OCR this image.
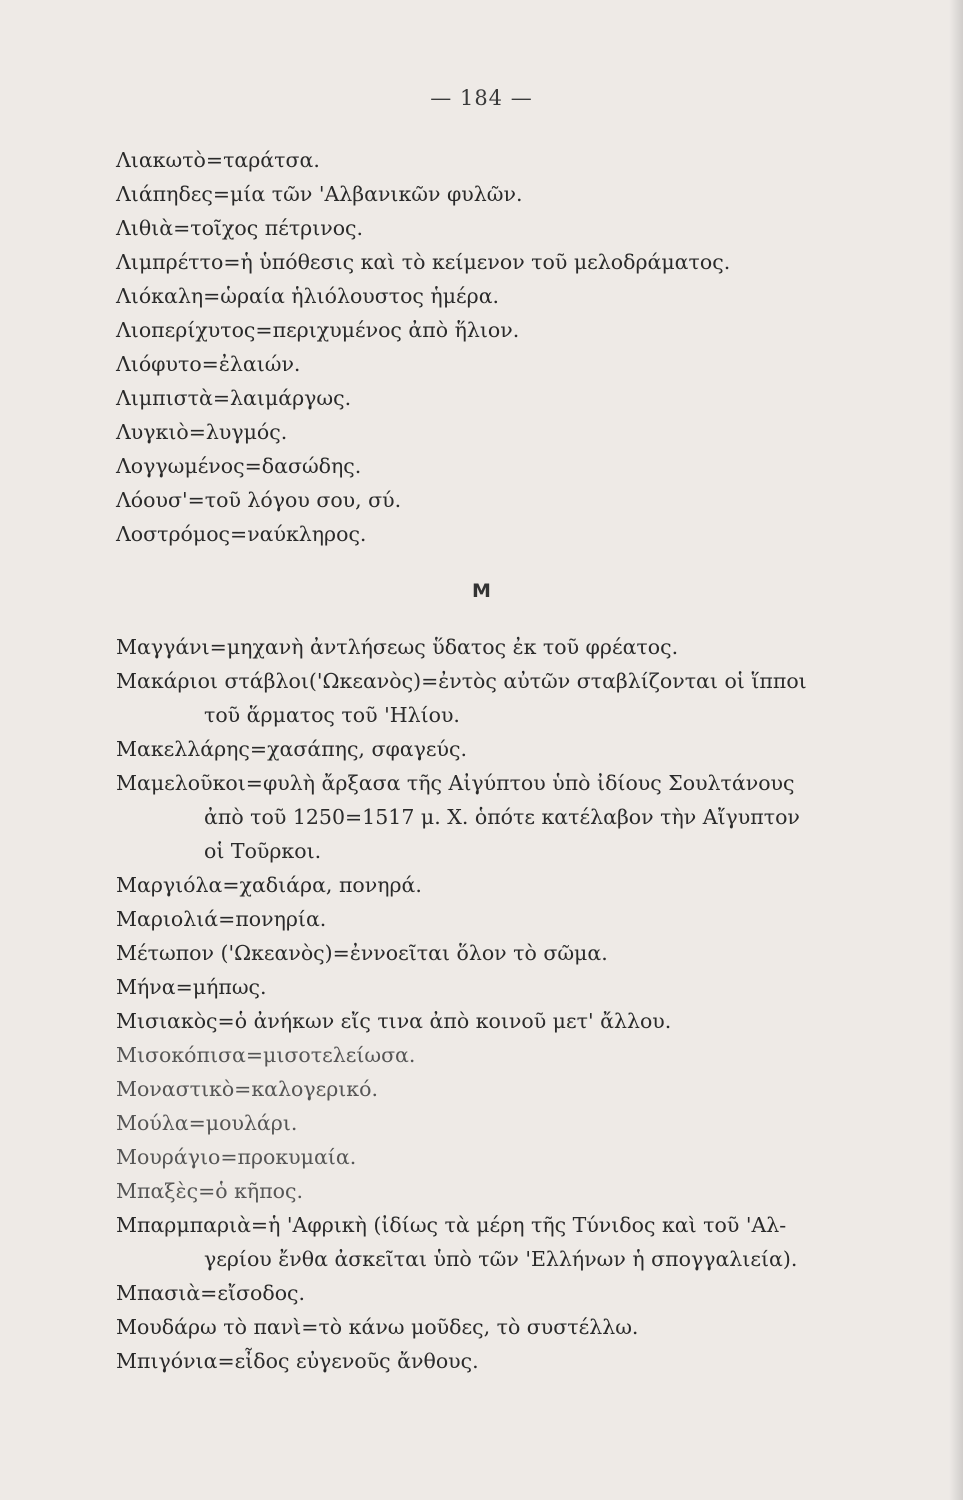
— 184 —
Λιακωτὸ=ταράτσα.
Λιάπηδες=μία τῶν 'Αλβανικῶν φυλῶν.
Λιθιὰ=τοῖχος πέτρινος.
Λιμπρέττο=ἡ ὑπόθεσις καὶ τὸ κείμενον τοῦ μελοδράματος.
Λιόκαλη=ὡραία ἡλιόλουστος ἡμέρα.
Λιοπερίχυτος=περιχυμένος ἀπὸ ἥλιον.
Λιόφυτο=ἐλαιών.
Λιμπιστὰ=λαιμάργως.
Λυγκιὸ=λυγμός.
Λογγωμένος=δασώδης.
Λόουσ'=τοῦ λόγου σου, σύ.
Λοστρόμος=ναύκληρος.
M
Μαγγάνι=μηχανὴ ἀντλήσεως ὕδατος ἐκ τοῦ φρέατος.
Μακάριοι στάβλοι('Ωκεανὸς)=ἐντὸς αὐτῶν σταβλίζονται οἱ ἵπποι
τοῦ ἅρματος τοῦ 'Ηλίου.
Μακελλάρης=χασάπης, σφαγεύς.
Μαμελοῦκοι=φυλὴ ἄρξασα τῆς Αἰγύπτου ὑπὸ ἰδίους Σουλτάνους
ἀπὸ τοῦ 1250=1517 μ. Χ. ὁπότε κατέλαβον τὴν Αἴγυπτον
οἱ Τοῦρκοι.
Μαργιόλα=χαδιάρα, πονηρά.
Μαριολιά=πονηρία.
Μέτωπον ('Ωκεανὸς)=ἐννοεῖται ὅλον τὸ σῶμα.
Μήνα=μήπως.
Μισιακὸς=ὁ ἀνήκων εἴς τινα ἀπὸ κοινοῦ μετ' ἄλλου.
Μισοκόπισα=μισοτελείωσα.
Μοναστικὸ=καλογερικό.
Μούλα=μουλάρι.
Μουράγιο=προκυμαία.
Μπαξὲς=ὁ κῆπος.
Μπαρμπαριὰ=ἡ 'Αφρικὴ (ἰδίως τὰ μέρη τῆς Τύνιδος καὶ τοῦ 'Αλ-
γερίου ἔνθα ἀσκεῖται ὑπὸ τῶν 'Ελλήνων ἡ σπογγαλιεία).
Μπασιὰ=εἴσοδος.
Μουδάρω τὸ πανὶ=τὸ κάνω μοῦδες, τὸ συστέλλω.
Μπιγόνια=εἶδος εὐγενοῦς ἄνθους.
